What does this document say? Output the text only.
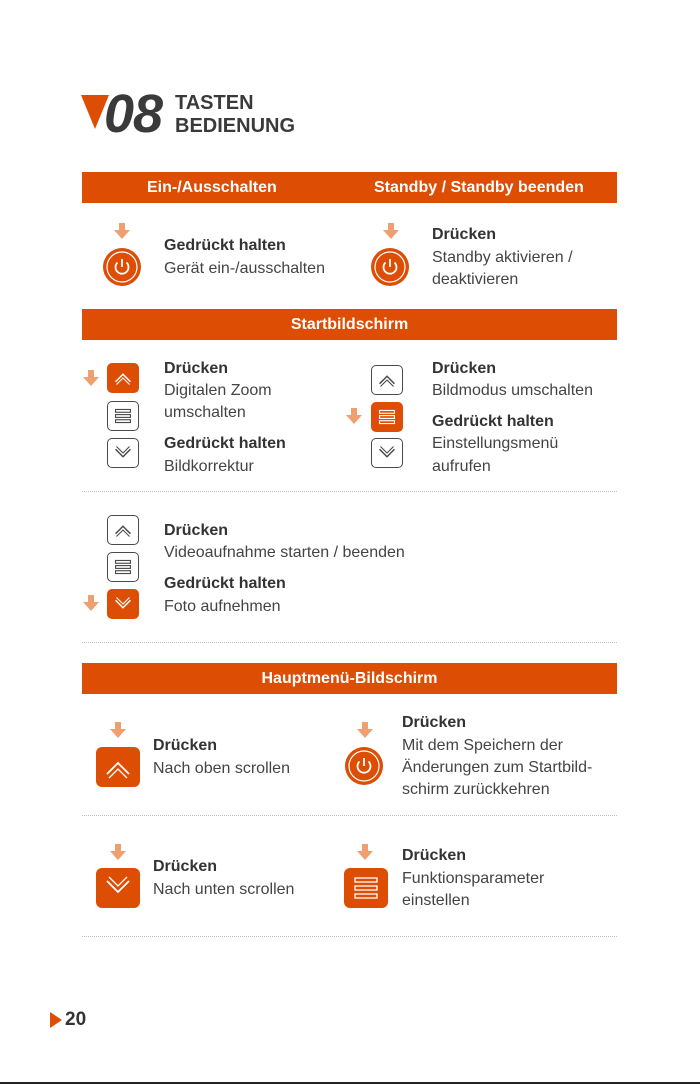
08 TASTEN
BEDIENUNG
Ein-/Ausschalten	Standby / Standby beenden
Gedrückt halten
Gerät ein-/ausschalten
Drücken
Standby aktivieren /
deaktivieren
Startbildschirm
Drücken
Digitalen Zoom
umschalten
Gedrückt halten
Bildkorrektur
Drücken
Bildmodus umschalten
Gedrückt halten
Einstellungsmenü
aufrufen
Drücken
Videoaufnahme starten / beenden
Gedrückt halten
Foto aufnehmen
Hauptmenü-Bildschirm
Drücken
Nach oben scrollen
Drücken
Mit dem Speichern der
Änderungen zum Startbild-
schirm zurückkehren
Drücken
Nach unten scrollen
Drücken
Funktionsparameter
einstellen
20
